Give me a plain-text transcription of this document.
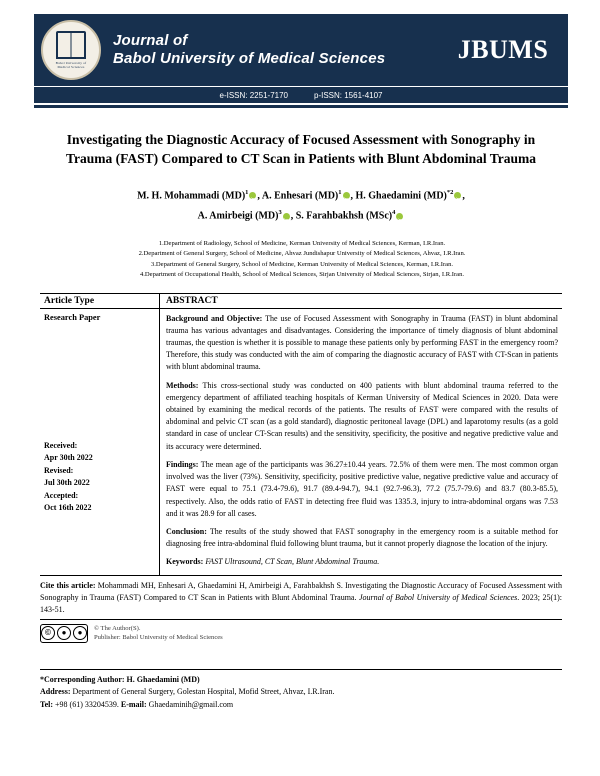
Babol University of
Medical Sciences
Journal of
Babol University of Medical Sciences	JBUMS
e-ISSN: 2251-7170	p-ISSN: 1561-4107
Investigating the Diagnostic Accuracy of Focused Assessment with Sonography in Trauma (FAST) Compared to CT Scan in Patients with Blunt Abdominal Trauma
M. H. Mohammadi (MD)$^1$ iD , A. Enhesari (MD)$^1$ iD , H. Ghaedamini (MD)$^{*2}$ iD ,
A. Amirbeigi (MD)$^3$ iD , S. Farahbakhsh (MSc)$^4$iD
1.Department of Radiology, School of Medicine, Kerman University of Medical Sciences, Kerman, I.R.Iran.
2.Department of General Surgery, School of Medicine, Ahvaz Jundishapur University of Medical Sciences, Ahvaz, I.R.Iran.
3.Department of General Surgery, School of Medicine, Kerman University of Medical Sciences, Kerman, I.R.Iran.
4.Department of Occupational Health, School of Medical Sciences, Sirjan University of Medical Sciences, Sirjan, I.R.Iran.
Article Type	ABSTRACT
Research Paper
Received:
Apr 30th 2022
Revised:
Jul 30th 2022
Accepted:
Oct 16th 2022

Background and Objective: The use of Focused Assessment with Sonography in Trauma (FAST) in blunt abdominal trauma has various advantages and disadvantages. Considering the importance of timely diagnosis of blunt abdominal traumas, the question is whether it is possible to manage these patients only by performing FAST in the emergency room? Therefore, this study was conducted with the aim of comparing the diagnostic accuracy of FAST with CT-Scan in patients with blunt abdominal trauma.

Methods: This cross-sectional study was conducted on 400 patients with blunt abdominal trauma referred to the emergency department of affiliated teaching hospitals of Kerman University of Medical Sciences in 2020. Data were obtained by examining the medical records of the patients. The results of FAST were compared with the results of abdominal and pelvic CT scan (as a gold standard), diagnostic peritoneal lavage (DPL) and laparotomy results (as a gold standard in case of unclear CT-Scan results) and the sensitivity, specificity, the positive and negative predictive value and its accuracy were determined.

Findings: The mean age of the participants was 36.27±10.44 years. 72.5% of them were men. The most common organ involved was the liver (73%). Sensitivity, specificity, positive predictive value, negative predictive value and accuracy of FAST were equal to 75.1 (73.4-79.6), 91.7 (89.4-94.7), 94.1 (92.7-96.3), 77.2 (75.7-79.6) and 83.7 (80.3-85.5), respectively. Also, the odds ratio of FAST in detecting free fluid was 1335.3, injury to intra-abdominal organs was 7.53 and it was 28.9 for all cases.

Conclusion: The results of the study showed that FAST sonography in the emergency room is a suitable method for diagnosing free intra-abdominal fluid following blunt trauma, but it cannot properly diagnose the location of the injury.

Keywords: FAST Ultrasound, CT Scan, Blunt Abdominal Trauma.

Cite this article: Mohammadi MH, Enhesari A, Ghaedamini H, Amirbeigi A, Farahbakhsh S. Investigating the Diagnostic Accuracy of Focused Assessment with Sonography in Trauma (FAST) Compared to CT Scan in Patients with Blunt Abdominal Trauma. Journal of Babol University of Medical Sciences. 2023; 25(1): 143-51.
©	●	●	© The Author(S).
Publisher: Babol University of Medical Sciences
*Corresponding Author: H. Ghaedamini (MD)
Address: Department of General Surgery, Golestan Hospital, Mofid Street, Ahvaz, I.R.Iran.
Tel: +98 (61) 33204539. E-mail: Ghaedaminih@gmail.com
